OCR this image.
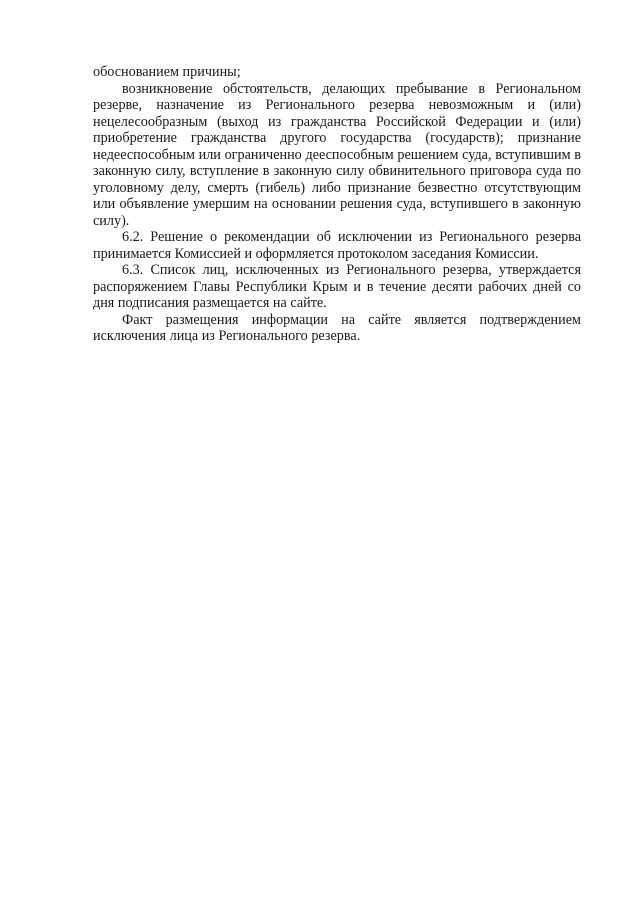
обоснованием причины;

возникновение обстоятельств, делающих пребывание в Региональном резерве, назначение из Регионального резерва невозможным и (или) нецелесообразным (выход из гражданства Российской Федерации и (или) приобретение гражданства другого государства (государств); признание недееспособным или ограниченно дееспособным решением суда, вступившим в законную силу, вступление в законную силу обвинительного приговора суда по уголовному делу, смерть (гибель) либо признание безвестно отсутствующим или объявление умершим на основании решения суда, вступившего в законную силу).

6.2. Решение о рекомендации об исключении из Регионального резерва принимается Комиссией и оформляется протоколом заседания Комиссии.

6.3. Список лиц, исключенных из Регионального резерва, утверждается распоряжением Главы Республики Крым и в течение десяти рабочих дней со дня подписания размещается на сайте.

Факт размещения информации на сайте является подтверждением исключения лица из Регионального резерва.
